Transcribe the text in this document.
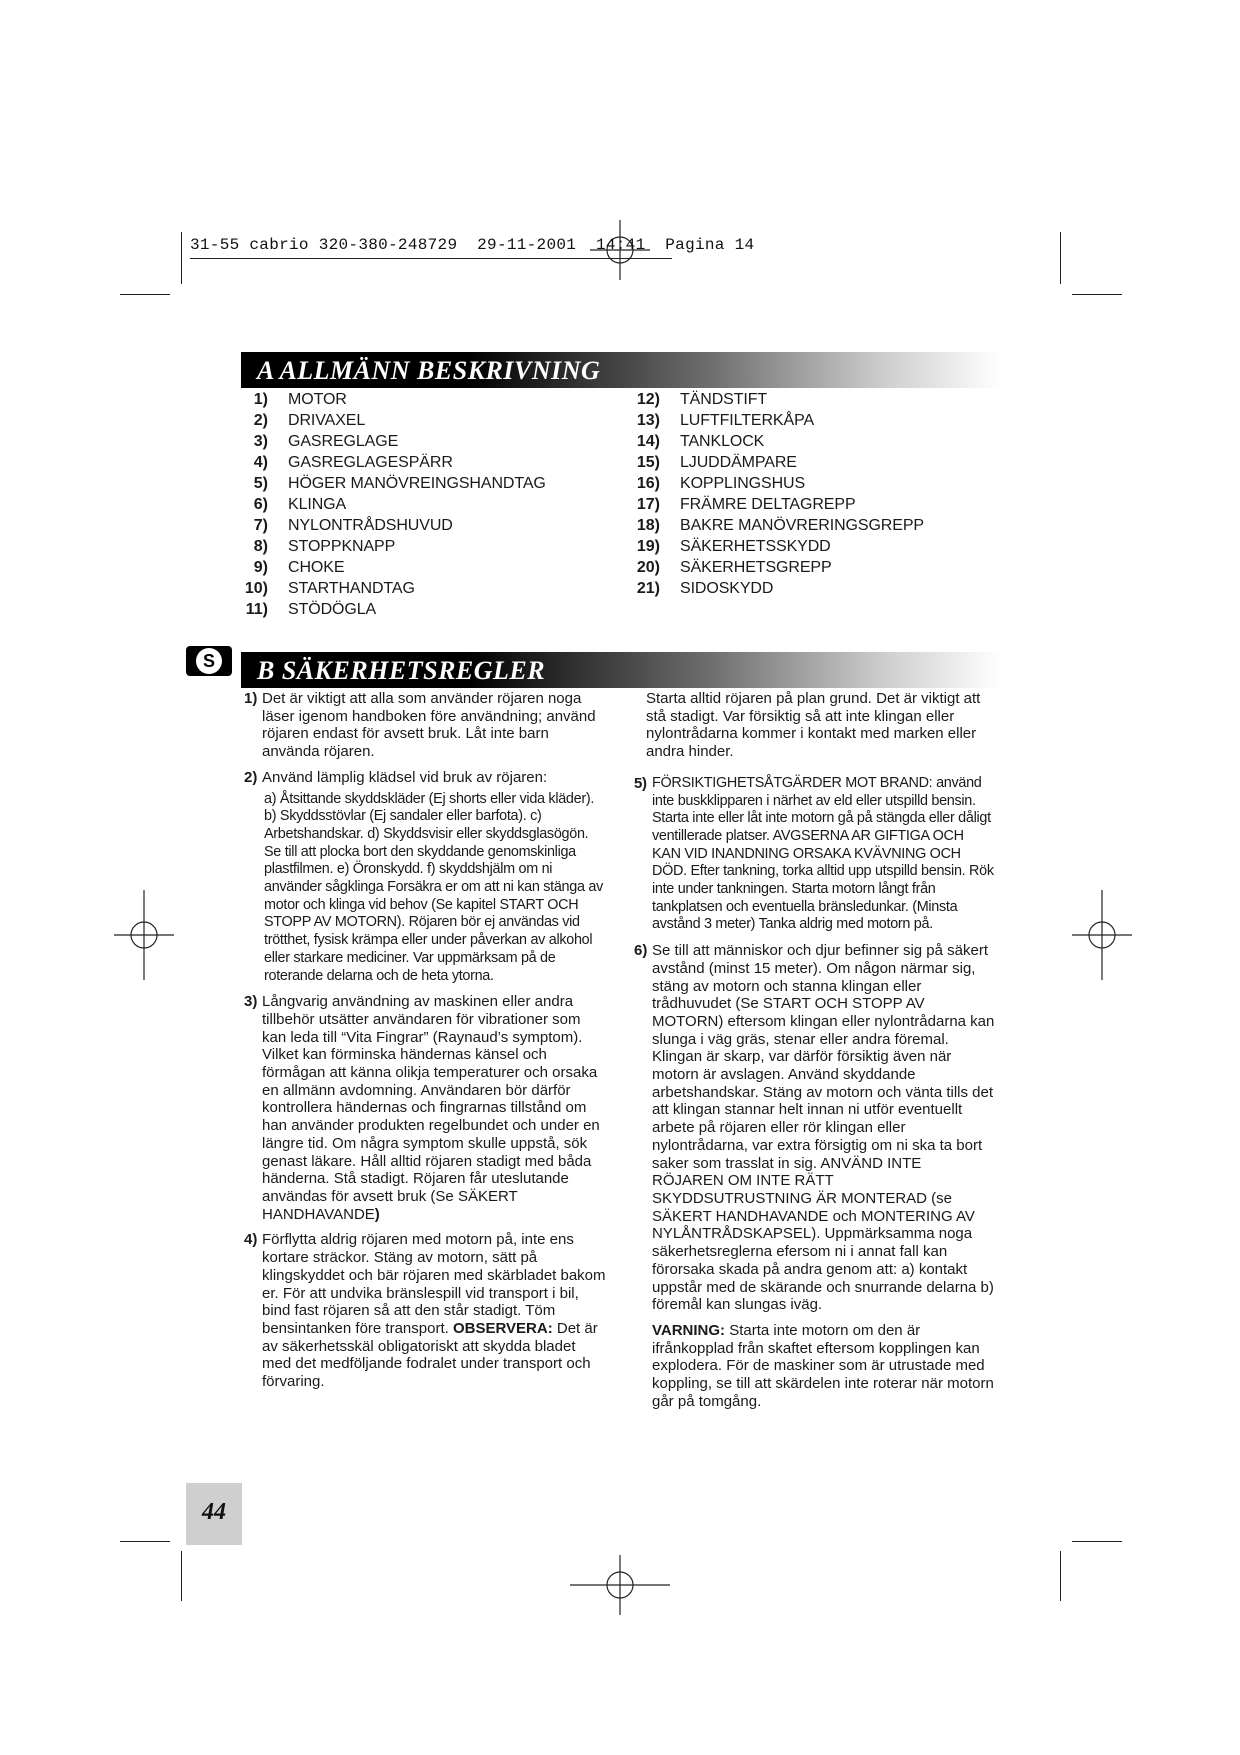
31-55 cabrio 320-380-248729  29-11-2001  14:41  Pagina 14
A ALLMÄNN BESKRIVNING
1) MOTOR
2) DRIVAXEL
3) GASREGLAGE
4) GASREGLAGESPÄRR
5) HÖGER MANÖVREINGSHANDTAG
6) KLINGA
7) NYLONTRÅDSHUVUD
8) STOPPKNAPP
9) CHOKE
10) STARTHANDTAG
11) STÖDÖGLA
12) TÄNDSTIFT
13) LUFTFILTERKÅPA
14) TANKLOCK
15) LJUDDÄMPARE
16) KOPPLINGSHUS
17) FRÄMRE DELTAGREPP
18) BAKRE MANÖVRERINGSGREPP
19) SÄKERHETSSKYDD
20) SÄKERHETSGREPP
21) SIDOSKYDD
S B SÄKERHETSREGLER

1) Det är viktigt att alla som använder röjaren noga läser igenom handboken före användning; använd röjaren endast för avsett bruk. Låt inte barn använda röjaren.

2) Använd lämplig klädsel vid bruk av röjaren:

a) Åtsittande skyddskläder (Ej shorts eller vida kläder). b) Skyddsstövlar (Ej sandaler eller barfota). c) Arbetshandskar. d) Skyddsvisir eller skyddsglasögön. Se till att plocka bort den skyddande genomskinliga plastfilmen. e) Öronskydd. f) skyddshjälm om ni använder sågklinga Forsäkra er om att ni kan stänga av motor och klinga vid behov (Se kapitel START OCH STOPP AV MOTORN). Röjaren bör ej användas vid trötthet, fysisk krämpa eller under påverkan av alkohol eller starkare mediciner. Var uppmärksam på de roterande delarna och de heta ytorna.

3) Långvarig användning av maskinen eller andra tillbehör utsätter användaren för vibrationer som kan leda till “Vita Fingrar” (Raynaud’s symptom). Vilket kan förminska händernas känsel och förmågan att känna olikja temperaturer och orsaka en allmänn avdomning. Användaren bör därför kontrollera händernas och fingrarnas tillstånd om han använder produkten regelbundet och under en längre tid. Om några symptom skulle uppstå, sök genast läkare. Håll alltid röjaren stadigt med båda händerna. Stå stadigt. Röjaren får uteslutande användas för avsett bruk (Se SÄKERT HANDHAVANDE)

4) Förflytta aldrig röjaren med motorn på, inte ens kortare sträckor. Stäng av motorn, sätt på klingskyddet och bär röjaren med skärbladet bakom er. För att undvika bränslespill vid transport i bil, bind fast röjaren så att den står stadigt. Töm bensintanken före transport. OBSERVERA: Det är av säkerhetsskäl obligatoriskt att skydda bladet med det medföljande fodralet under transport och förvaring.

Starta alltid röjaren på plan grund. Det är viktigt att stå stadigt. Var försiktig så att inte klingan eller nylontrådarna kommer i kontakt med marken eller andra hinder.

5) FÖRSIKTIGHETSÅTGÄRDER MOT BRAND: använd inte buskklipparen i närhet av eld eller utspilld bensin. Starta inte eller låt inte motorn gå på stängda eller dåligt ventillerade platser. AVGSERNA AR GIFTIGA OCH KAN VID INANDNING ORSAKA KVÄVNING OCH DÖD. Efter tankning, torka alltid upp utspilld bensin. Rök inte under tankningen. Starta motorn långt från tankplatsen och eventuella bränsledunkar. (Minsta avstånd 3 meter) Tanka aldrig med motorn på.

6) Se till att människor och djur befinner sig på säkert avstånd (minst 15 meter). Om någon närmar sig, stäng av motorn och stanna klingan eller trådhuvudet (Se START OCH STOPP AV MOTORN) eftersom klingan eller nylontrådarna kan slunga i väg gräs, stenar eller andra föremal. Klingan är skarp, var därför försiktig även när motorn är avslagen. Använd skyddande arbetshandskar. Stäng av motorn och vänta tills det att klingan stannar helt innan ni utför eventuellt arbete på röjaren eller rör klingan eller nylontrådarna, var extra försigtig om ni ska ta bort saker som trasslat in sig. ANVÄND INTE RÖJAREN OM INTE RÄTT SKYDDSUTRUSTNING ÄR MONTERAD (se SÄKERT HANDHAVANDE och MONTERING AV NYLÅNTRÅDSKAPSEL). Uppmärksamma noga säkerhetsreglerna efersom ni i annat fall kan förorsaka skada på andra genom att: a) kontakt uppstår med de skärande och snurrande delarna b) föremål kan slungas iväg.

VARNING: Starta inte motorn om den är ifrånkopplad från skaftet eftersom kopplingen kan explodera. För de maskiner som är utrustade med koppling, se till att skärdelen inte roterar när motorn går på tomgång.

44
